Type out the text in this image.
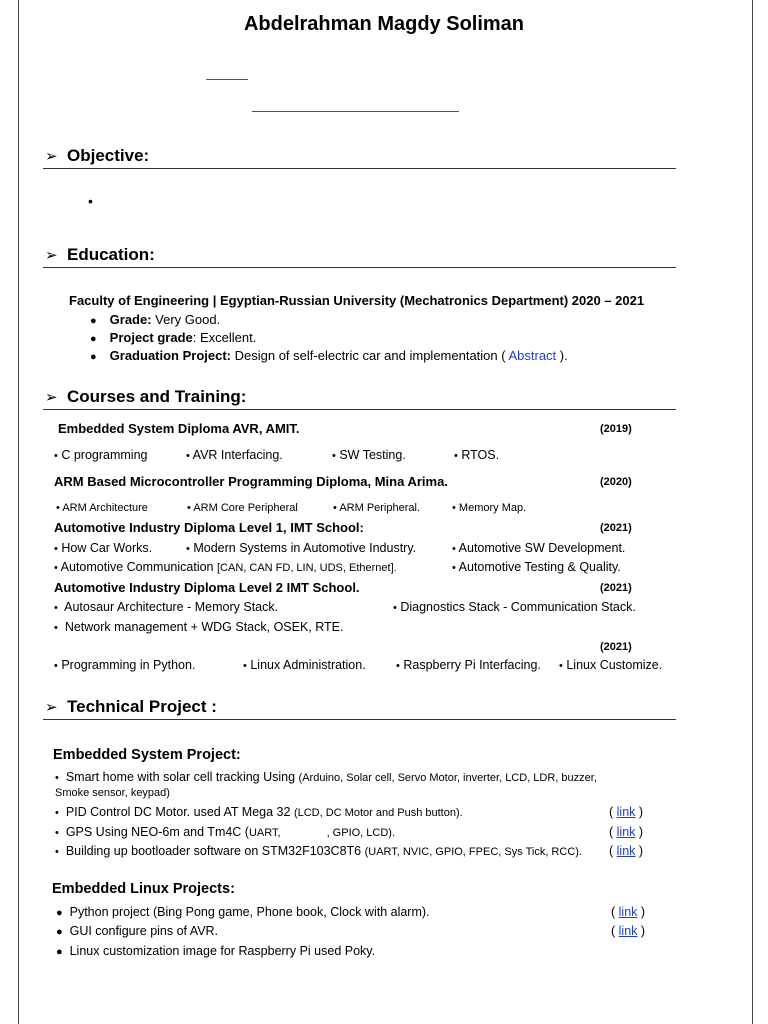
Abdelrahman Magdy Soliman
➢ Objective:
•
➢ Education:
Faculty of Engineering | Egyptian-Russian University (Mechatronics Department) 2020 – 2021
● Grade: Very Good.
● Project grade: Excellent.
● Graduation Project: Design of self-electric car and implementation ( Abstract ).
➢ Courses and Training:
Embedded System Diploma AVR, AMIT.	(2019)
• C programming	• AVR Interfacing.	• SW Testing.	• RTOS.
ARM Based Microcontroller Programming Diploma, Mina Arima.	(2020)
• ARM Architecture	• ARM Core Peripheral	• ARM Peripheral.	• Memory Map.
Automotive Industry Diploma Level 1, IMT School:	(2021)
• How Car Works.	• Modern Systems in Automotive Industry.	• Automotive SW Development.
• Automotive Communication [CAN, CAN FD, LIN, UDS, Ethernet].	• Automotive Testing & Quality.
Automotive Industry Diploma Level 2 IMT School.	(2021)
• Autosaur Architecture - Memory Stack.	• Diagnostics Stack - Communication Stack.
• Network management + WDG Stack, OSEK, RTE.
(2021)
• Programming in Python.	• Linux Administration.	• Raspberry Pi Interfacing. • Linux Customize.
➢ Technical Project :
Embedded System Project:
• Smart home with solar cell tracking Using (Arduino, Solar cell, Servo Motor, inverter, LCD, LDR, buzzer,
Smoke sensor, keypad)
• PID Control DC Motor. used AT Mega 32 (LCD, DC Motor and Push button).	( link )
• GPS Using NEO-6m and Tm4C (UART,	, GPIO, LCD).	( link )
• Building up bootloader software on STM32F103C8T6 (UART, NVIC, GPIO, FPEC, Sys Tick, RCC). ( link )
Embedded Linux Projects:
● Python project (Bing Pong game, Phone book, Clock with alarm).	( link )
● GUI configure pins of AVR.	( link )
● Linux customization image for Raspberry Pi used Poky.
